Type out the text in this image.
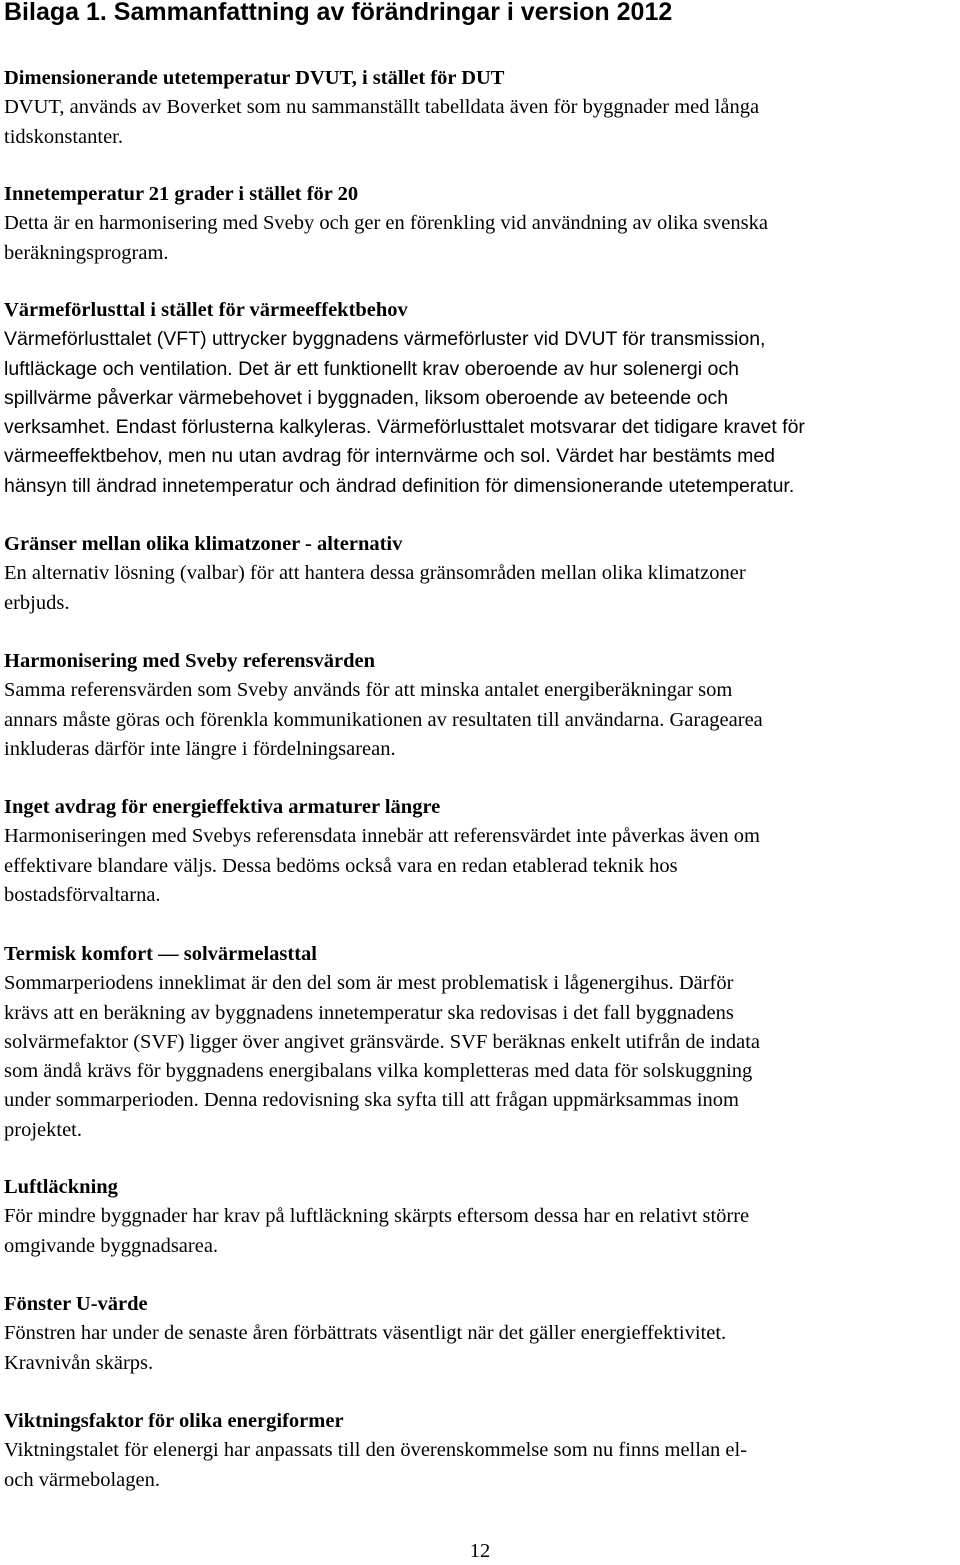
Bilaga 1. Sammanfattning av förändringar i version 2012
Dimensionerande utetemperatur DVUT, i stället för DUT
DVUT, används av Boverket som nu sammanställt tabelldata även för byggnader med långa
tidskonstanter.
Innetemperatur 21 grader i stället för 20
Detta är en harmonisering med Sveby och ger en förenkling vid användning av olika svenska
beräkningsprogram.
Värmeförlusttal i stället för värmeeffektbehov
Värmeförlusttalet (VFT) uttrycker byggnadens värmeförluster vid DVUT för transmission,
luftläckage och ventilation. Det är ett funktionellt krav oberoende av hur solenergi och
spillvärme påverkar värmebehovet i byggnaden, liksom oberoende av beteende och
verksamhet. Endast förlusterna kalkyleras. Värmeförlusttalet motsvarar det tidigare kravet för
värmeeffektbehov, men nu utan avdrag för internvärme och sol. Värdet har bestämts med
hänsyn till ändrad innetemperatur och ändrad definition för dimensionerande utetemperatur.
Gränser mellan olika klimatzoner - alternativ
En alternativ lösning (valbar) för att hantera dessa gränsområden mellan olika klimatzoner
erbjuds.
Harmonisering med Sveby referensvärden
Samma referensvärden som Sveby används för att minska antalet energiberäkningar som
annars måste göras och förenkla kommunikationen av resultaten till användarna. Garagearea
inkluderas därför inte längre i fördelningsarean.
Inget avdrag för energieffektiva armaturer längre
Harmoniseringen med Svebys referensdata innebär att referensvärdet inte påverkas även om
effektivare blandare väljs. Dessa bedöms också vara en redan etablerad teknik hos
bostadsförvaltarna.
Termisk komfort — solvärmelasttal
Sommarperiodens inneklimat är den del som är mest problematisk i lågenergihus. Därför
krävs att en beräkning av byggnadens innetemperatur ska redovisas i det fall byggnadens
solvärmefaktor (SVF) ligger över angivet gränsvärde. SVF beräknas enkelt utifrån de indata
som ändå krävs för byggnadens energibalans vilka kompletteras med data för solskuggning
under sommarperioden. Denna redovisning ska syfta till att frågan uppmärksammas inom
projektet.
Luftläckning
För mindre byggnader har krav på luftläckning skärpts eftersom dessa har en relativt större
omgivande byggnadsarea.
Fönster U-värde
Fönstren har under de senaste åren förbättrats väsentligt när det gäller energieffektivitet.
Kravnivån skärps.
Viktningsfaktor för olika energiformer
Viktningstalet för elenergi har anpassats till den överenskommelse som nu finns mellan el-
och värmebolagen.
12
